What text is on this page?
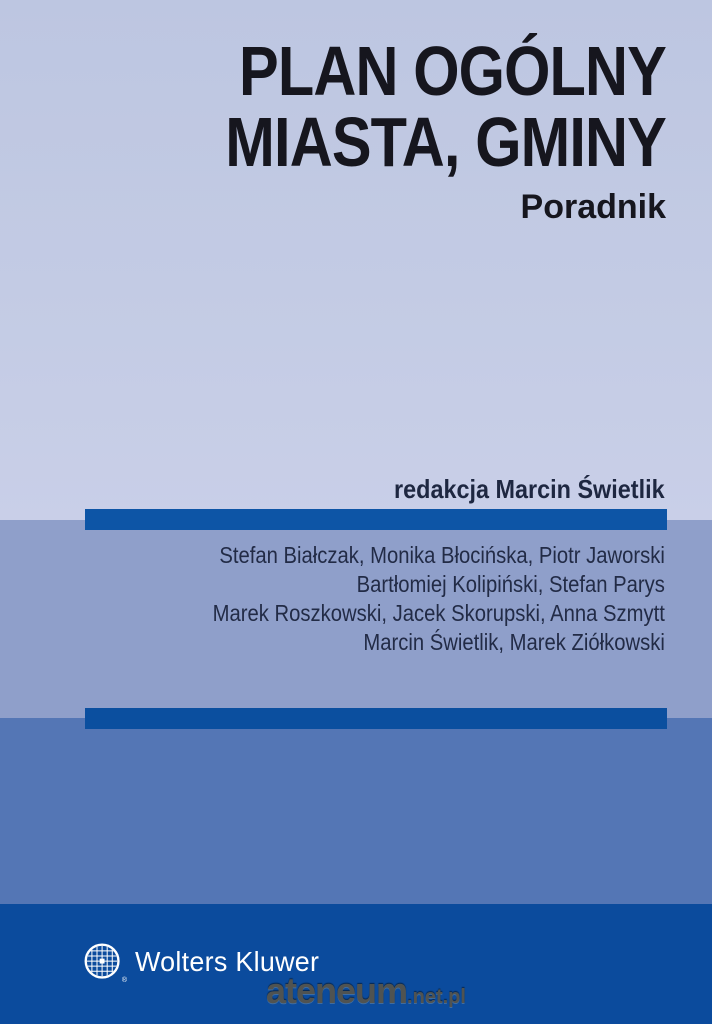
PLAN OGÓLNY
MIASTA, GMINY
Poradnik
redakcja Marcin Świetlik
Stefan Białczak, Monika Błocińska, Piotr Jaworski
Bartłomiej Kolipiński, Stefan Parys
Marek Roszkowski, Jacek Skorupski, Anna Szmytt
Marcin Świetlik, Marek Ziółkowski
®
Wolters Kluwer
ateneum.net.pl
